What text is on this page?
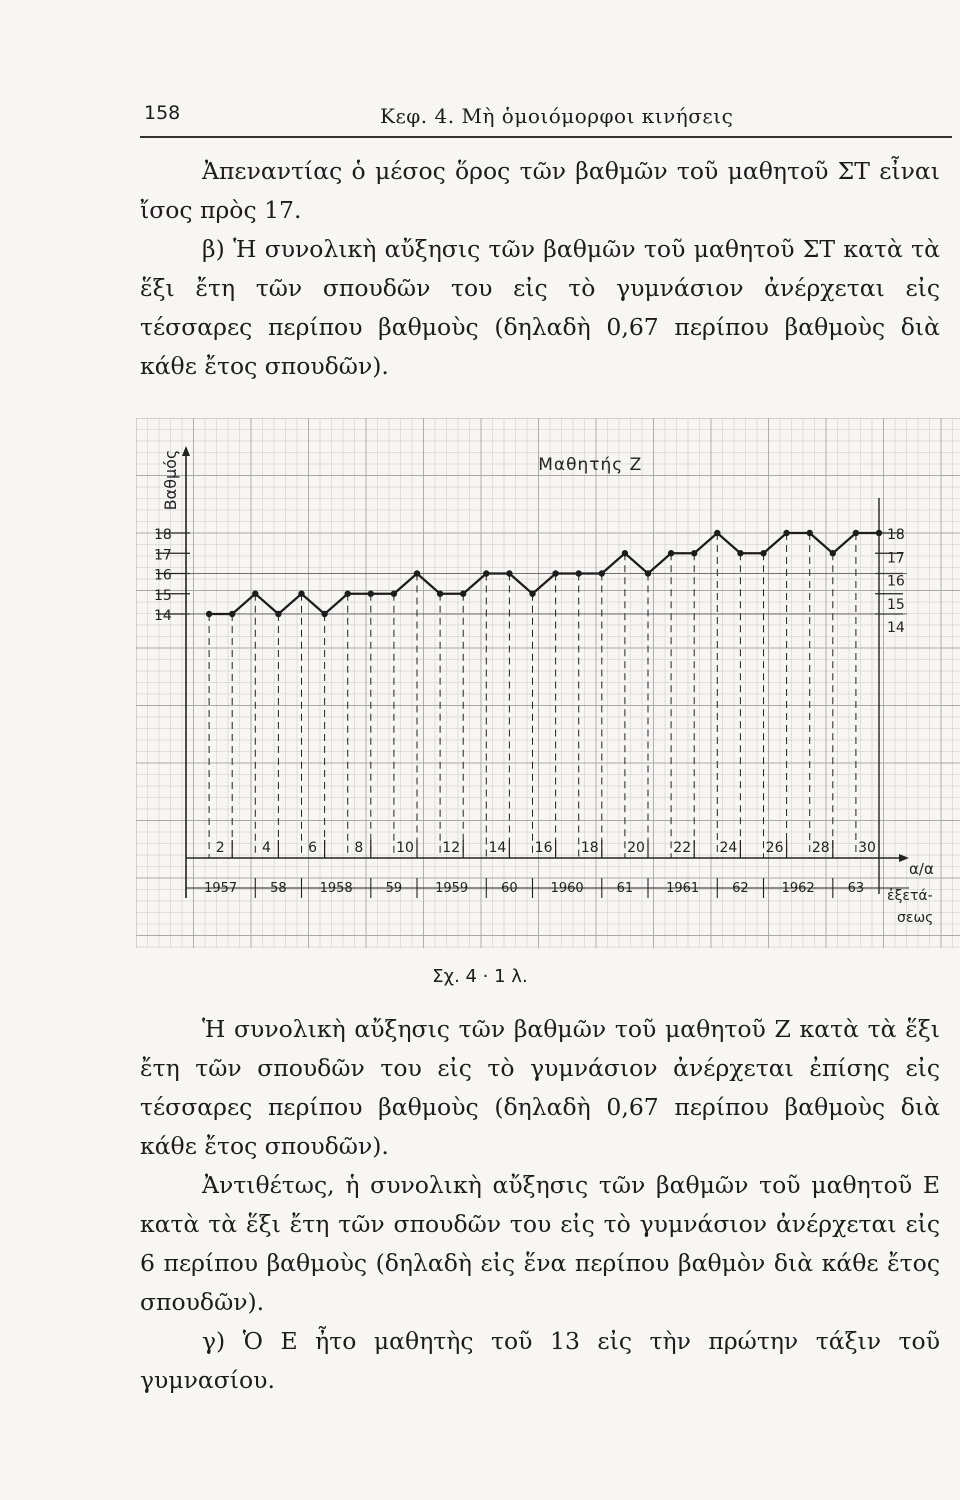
158	Κεφ. 4. Μὴ ὁμοιόμορφοι κινήσεις

Ἀπεναντίας ὁ μέσος ὅρος τῶν βαθμῶν τοῦ μαθητοῦ ΣΤ εἶναι ἴσος πρὸς 17.

β) Ἡ συνολικὴ αὔξησις τῶν βαθμῶν τοῦ μαθητοῦ ΣΤ κατὰ τὰ ἕξι ἔτη τῶν σπουδῶν του εἰς τὸ γυμνάσιον ἀνέρχεται εἰς τέσσαρες περίπου βαθμοὺς (δηλαδὴ 0,67 περίπου βαθμοὺς διὰ κάθε ἔτος σπουδῶν).

18	18
17	17
16	16
15
15
14
14
Βαθμός	Μαθητής Ζ
2	4	6	8 10 12 14 16 18 20 22 24 26 28 30
1957	58	1958	59	1959	60	1960	61	1961	62	1962	63
α/α
ἐξετά-
σεως
Σχ. 4 · 1 λ.

Ἡ συνολικὴ αὔξησις τῶν βαθμῶν τοῦ μαθητοῦ Ζ κατὰ τὰ ἕξι ἔτη τῶν σπουδῶν του εἰς τὸ γυμνάσιον ἀνέρχεται ἐπίσης εἰς τέσσαρες περίπου βαθμοὺς (δηλαδὴ 0,67 περίπου βαθμοὺς διὰ κάθε ἔτος σπουδῶν).

Ἀντιθέτως, ἡ συνολικὴ αὔξησις τῶν βαθμῶν τοῦ μαθητοῦ Ε κατὰ τὰ ἕξι ἔτη τῶν σπουδῶν του εἰς τὸ γυμνάσιον ἀνέρχεται εἰς 6 περίπου βαθμοὺς (δηλαδὴ εἰς ἕνα περίπου βαθμὸν διὰ κάθε ἔτος σπουδῶν).

γ) Ὁ Ε ἦτο μαθητὴς τοῦ 13 εἰς τὴν πρώτην τάξιν τοῦ γυμνασίου.
